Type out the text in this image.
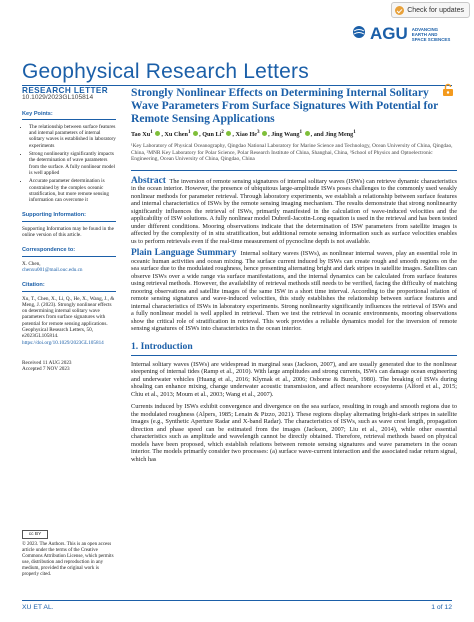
Check for updates
AGU ADVANCING
EARTH AND
SPACE SCIENCES
Geophysical Research Letters
RESEARCH LETTER
10.1029/2023GL105814
Key Points:
• The relationship between surface features and internal parameters of internal solitary waves is established in laboratory experiments
• Strong nonlinearity significantly impacts the determination of wave parameters from the surface. A fully nonlinear model is well applied
• Accurate parameter determination is constrained by the complex oceanic stratification, but more remote sensing information can overcome it
Supporting Information:
Supporting Information may be found in the online version of this article.
Correspondence to:
X. Chen,
chenxu001@mail.ouc.edu.cn
Citation:
Xu, T., Chen, X., Li, Q., He, X., Wang, J., & Meng, J. (2023). Strongly nonlinear effects on determining internal solitary wave parameters from surface signatures with potential for remote sensing applications. Geophysical Research Letters, 50, e2023GL105814.
https://doi.org/10.1029/2023GL105814
Received 11 AUG 2023
Accepted 7 NOV 2023
cc BY
© 2023. The Authors. This is an open access article under the terms of the Creative Commons Attribution License, which permits use, distribution and reproduction in any medium, provided the original work is properly cited.
Strongly Nonlinear Effects on Determining Internal Solitary Wave Parameters From Surface Signatures With Potential for Remote Sensing Applications
Tao Xu$^1$ , Xu Chen$^1$ , Qun Li$^2$ , Xiao He$^3$ , Jing Wang$^1$ , and Jing Meng$^1$
¹Key Laboratory of Physical Oceanography, Qingdao National Laboratory for Marine Science and Technology, Ocean University of China, Qingdao, China, ²MNR Key Laboratory for Polar Science, Polar Research Institute of China, Shanghai, China, ³School of Physics and Optoelectronic Engineering, Ocean University of China, Qingdao, China
Abstract The inversion of remote sensing signatures of internal solitary waves (ISWs) can retrieve dynamic characteristics in the ocean interior. However, the presence of ubiquitous large-amplitude ISWs poses challenges to the commonly used weakly nonlinear methods for parameter retrieval. Through laboratory experiments, we establish a relationship between surface features and internal characteristics of ISWs by the remote sensing imaging mechanism. The results demonstrate that strong nonlinearity significantly influences the retrieval of ISWs, primarily manifested in the calculation of wave-induced velocities and the applicability of ISW solutions. A fully nonlinear model Dubreil-Jacotin-Long equation is used in the retrieval and has been tested under different conditions. Mooring observations indicate that the determination of ISW parameters from satellite images is affected by the complexity of in situ stratification, but additional remote sensing information such as surface velocities enables us to perform retrievals even if the real-time measurement of pycnocline depth is not available.
Plain Language Summary Internal solitary waves (ISWs), as nonlinear internal waves, play an essential role in oceanic human activities and ocean mixing. The surface current induced by ISWs can create rough and smooth regions on the sea surface due to the modulated roughness, hence presenting alternating bright and dark stripes in satellite images. Satellites can observe ISWs over a wide range via surface manifestations, and the internal dynamics can be calculated from surface features using retrieval methods. However, the availability of retrieval methods still needs to be verified, facing the difficulty of matching mooring observations and satellite images of the same ISW in a short time interval. According to the proportional relation of remote sensing signatures and wave-induced velocities, this study establishes the relationship between surface features and internal characteristics of ISWs in laboratory experiments. Strong nonlinearity significantly influences the retrieval of ISWs and a fully nonlinear model is well applied in retrieval. Then we test the retrieval in oceanic environments, mooring observations show the critical role of stratification in retrieval. This work provides a reliable dynamics model for the inversion of remote sensing signatures of ISWs into characteristics in the ocean interior.
1. Introduction
Internal solitary waves (ISWs) are widespread in marginal seas (Jackson, 2007), and are usually generated due to the nonlinear steepening of internal tides (Ramp et al., 2010). With large amplitudes and strong currents, ISWs can damage ocean engineering and underwater vehicles (Huang et al., 2016; Klymak et al., 2006; Osborne & Burch, 1980). The breaking of ISWs during shoaling can enhance mixing, change underwater acoustic transmission, and affect nearshore ecosystems (Alford et al., 2015; Chiu et al., 2013; Moum et al., 2003; Wang et al., 2007).
Currents induced by ISWs exhibit convergence and divergence on the sea surface, resulting in rough and smooth regions due to the modulated roughness (Alpers, 1985; Lenain & Pizzo, 2021). These regions display alternating bright-dark stripes in satellite images (e.g., Synthetic Aperture Radar and X-band Radar). The characteristics of ISWs, such as wave crest length, propagation direction and phase speed can be estimated from the images (Jackson, 2007; Liu et al., 2014), while other essential characteristics such as amplitude and wavelength cannot be directly obtained. Therefore, retrieval methods based on physical models have been proposed, which establish relations between remote sensing signatures and wave parameters in the ocean interior. The models primarily consider two processes: (a) surface wave-current interaction and the associated radar return signal, which has
XU ET AL.	1 of 12
